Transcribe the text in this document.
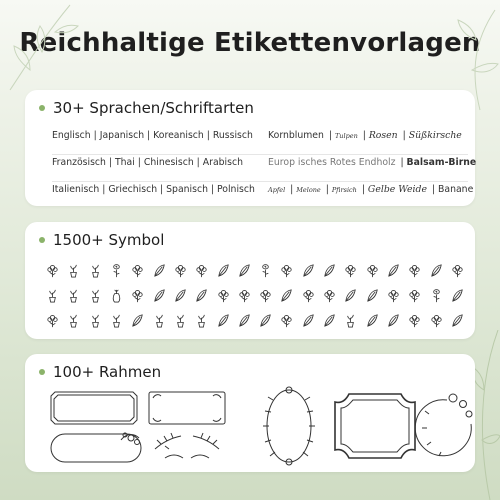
Reichhaltige Etikettenvorlagen
30+ Sprachen/Schriftarten
Englisch | Japanisch | Koreanisch | Russisch
Französisch | Thai | Chinesisch | Arabisch
Italienisch | Griechisch | Spanisch | Polnisch
Kornblumen | Tulpen | Rosen | Süßkirsche
Europ isches Rotes Endholz | Balsam-Birne
Apfel | Melone | Pfirsich | Gelbe Weide | Banane
1500+ Symbol
100+ Rahmen
